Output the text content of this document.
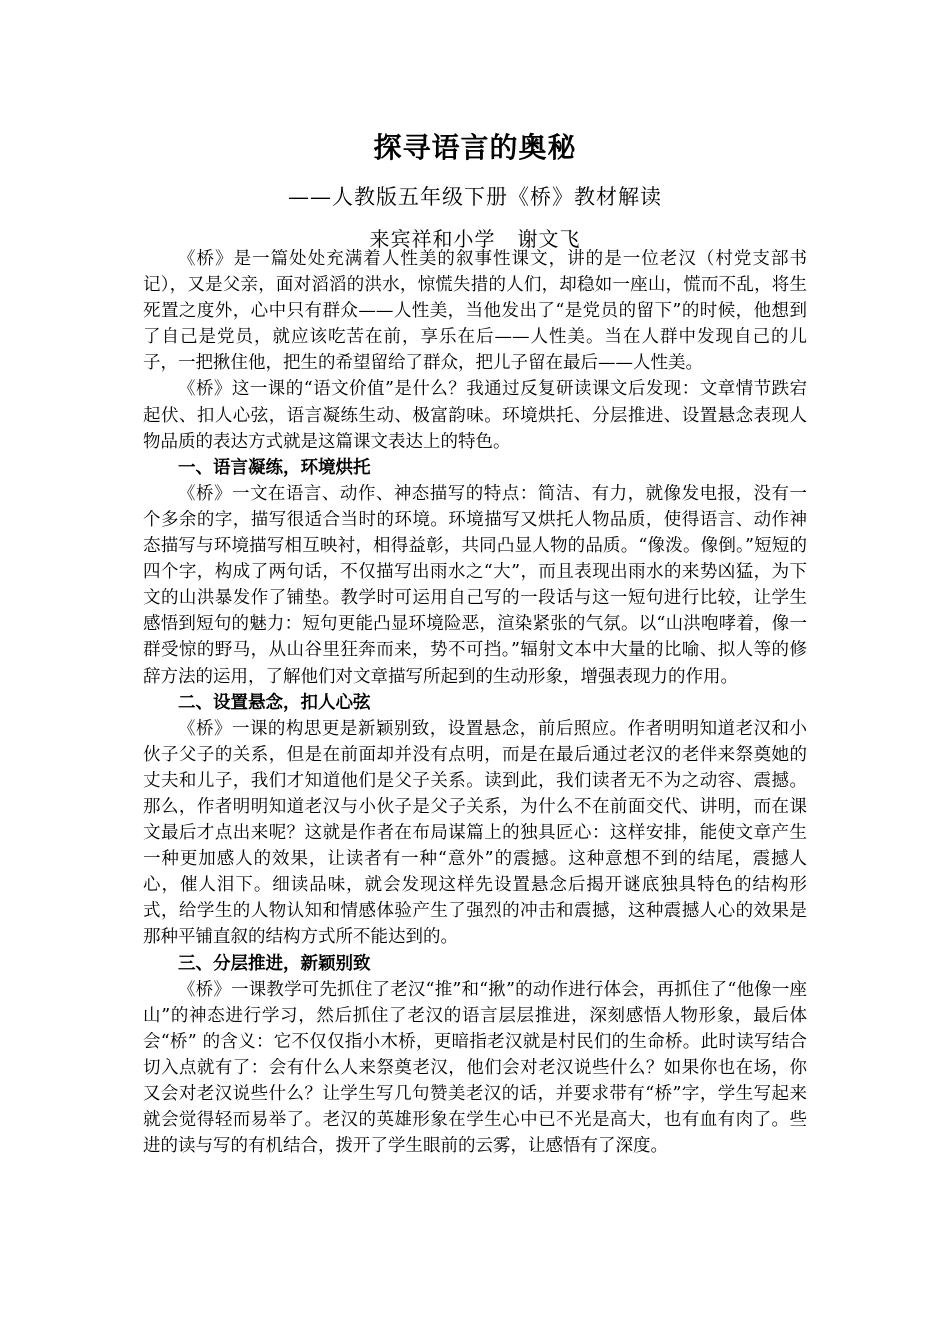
探寻语言的奥秘
——人教版五年级下册《桥》教材解读
来宾祥和小学 谢文飞

《桥》是一篇处处充满着人性美的叙事性课文，讲的是一位老汉（村党支部书记），又是父亲，面对滔滔的洪水，惊慌失措的人们，却稳如一座山，慌而不乱，将生死置之度外，心中只有群众——人性美，当他发出了“是党员的留下”的时候，他想到了自己是党员，就应该吃苦在前，享乐在后——人性美。当在人群中发现自己的儿子，一把揪住他，把生的希望留给了群众，把儿子留在最后——人性美。

《桥》这一课的“语文价值”是什么？我通过反复研读课文后发现：文章情节跌宕起伏、扣人心弦，语言凝练生动、极富韵味。环境烘托、分层推进、设置悬念表现人物品质的表达方式就是这篇课文表达上的特色。

一、语言凝练，环境烘托

《桥》一文在语言、动作、神态描写的特点：简洁、有力，就像发电报，没有一个多余的字，描写很适合当时的环境。环境描写又烘托人物品质，使得语言、动作神态描写与环境描写相互映衬，相得益彰，共同凸显人物的品质。“像泼。像倒。”短短的四个字，构成了两句话，不仅描写出雨水之“大”，而且表现出雨水的来势凶猛，为下文的山洪暴发作了铺垫。教学时可运用自己写的一段话与这一短句进行比较，让学生感悟到短句的魅力：短句更能凸显环境险恶，渲染紧张的气氛。以“山洪咆哮着，像一群受惊的野马，从山谷里狂奔而来，势不可挡。”辐射文本中大量的比喻、拟人等的修辞方法的运用，了解他们对文章描写所起到的生动形象，增强表现力的作用。

二、设置悬念，扣人心弦

《桥》一课的构思更是新颖别致，设置悬念，前后照应。作者明明知道老汉和小伙子父子的关系，但是在前面却并没有点明，而是在最后通过老汉的老伴来祭奠她的丈夫和儿子，我们才知道他们是父子关系。读到此，我们读者无不为之动容、震撼。那么，作者明明知道老汉与小伙子是父子关系，为什么不在前面交代、讲明，而在课文最后才点出来呢？这就是作者在布局谋篇上的独具匠心：这样安排，能使文章产生一种更加感人的效果，让读者有一种“意外”的震撼。这种意想不到的结尾，震撼人心，催人泪下。细读品味，就会发现这样先设置悬念后揭开谜底独具特色的结构形式，给学生的人物认知和情感体验产生了强烈的冲击和震撼，这种震撼人心的效果是那种平铺直叙的结构方式所不能达到的。

三、分层推进，新颖别致

《桥》一课教学可先抓住了老汉“推”和“揪”的动作进行体会，再抓住了“他像一座山”的神态进行学习，然后抓住了老汉的语言层层推进，深刻感悟人物形象，最后体会“桥” 的含义：它不仅仅指小木桥，更暗指老汉就是村民们的生命桥。此时读写结合切入点就有了：会有什么人来祭奠老汉，他们会对老汉说些什么？如果你也在场，你又会对老汉说些什么？让学生写几句赞美老汉的话，并要求带有“桥”字，学生写起来就会觉得轻而易举了。老汉的英雄形象在学生心中已不光是高大，也有血有肉了。些进的读与写的有机结合，拨开了学生眼前的云雾，让感悟有了深度。
